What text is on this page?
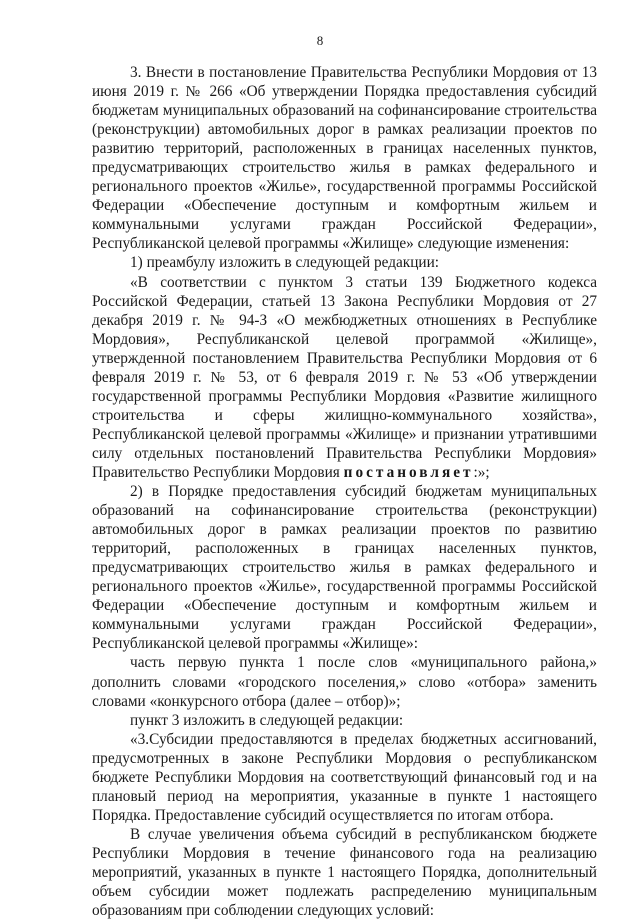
8

3. Внести в постановление Правительства Республики Мордовия от 13 июня 2019 г. № 266 «Об утверждении Порядка предоставления субсидий бюджетам муниципальных образований на софинансирование строительства (реконструкции) автомобильных дорог в рамках реализации проектов по развитию территорий, расположенных в границах населенных пунктов, предусматривающих строительство жилья в рамках федерального и регионального проектов «Жилье», государственной программы Российской Федерации «Обеспечение доступным и комфортным жильем и коммунальными услугами граждан Российской Федерации», Республиканской целевой программы «Жилище» следующие изменения:

1) преамбулу изложить в следующей редакции:

«В соответствии с пунктом 3 статьи 139 Бюджетного кодекса Российской Федерации, статьей 13 Закона Республики Мордовия от 27 декабря 2019 г. № 94-З «О межбюджетных отношениях в Республике Мордовия», Республиканской целевой программой «Жилище», утвержденной постановлением Правительства Республики Мордовия от 6 февраля 2019 г. № 53, от 6 февраля 2019 г. № 53 «Об утверждении государственной программы Республики Мордовия «Развитие жилищного строительства и сферы жилищно-коммунального хозяйства», Республиканской целевой программы «Жилище» и признании утратившими силу отдельных постановлений Правительства Республики Мордовия» Правительство Республики Мордовия постановляет:»;

2) в Порядке предоставления субсидий бюджетам муниципальных образований на софинансирование строительства (реконструкции) автомобильных дорог в рамках реализации проектов по развитию территорий, расположенных в границах населенных пунктов, предусматривающих строительство жилья в рамках федерального и регионального проектов «Жилье», государственной программы Российской Федерации «Обеспечение доступным и комфортным жильем и коммунальными услугами граждан Российской Федерации», Республиканской целевой программы «Жилище»:

часть первую пункта 1 после слов «муниципального района,» дополнить словами «городского поселения,» слово «отбора» заменить словами «конкурсного отбора (далее – отбор)»;

пункт 3 изложить в следующей редакции:

«3.Субсидии предоставляются в пределах бюджетных ассигнований, предусмотренных в законе Республики Мордовия о республиканском бюджете Республики Мордовия на соответствующий финансовый год и на плановый период на мероприятия, указанные в пункте 1 настоящего Порядка. Предоставление субсидий осуществляется по итогам отбора.

В случае увеличения объема субсидий в республиканском бюджете Республики Мордовия в течение финансового года на реализацию мероприятий, указанных в пункте 1 настоящего Порядка, дополнительный объем субсидии может подлежать распределению муниципальным образованиям при соблюдении следующих условий:
